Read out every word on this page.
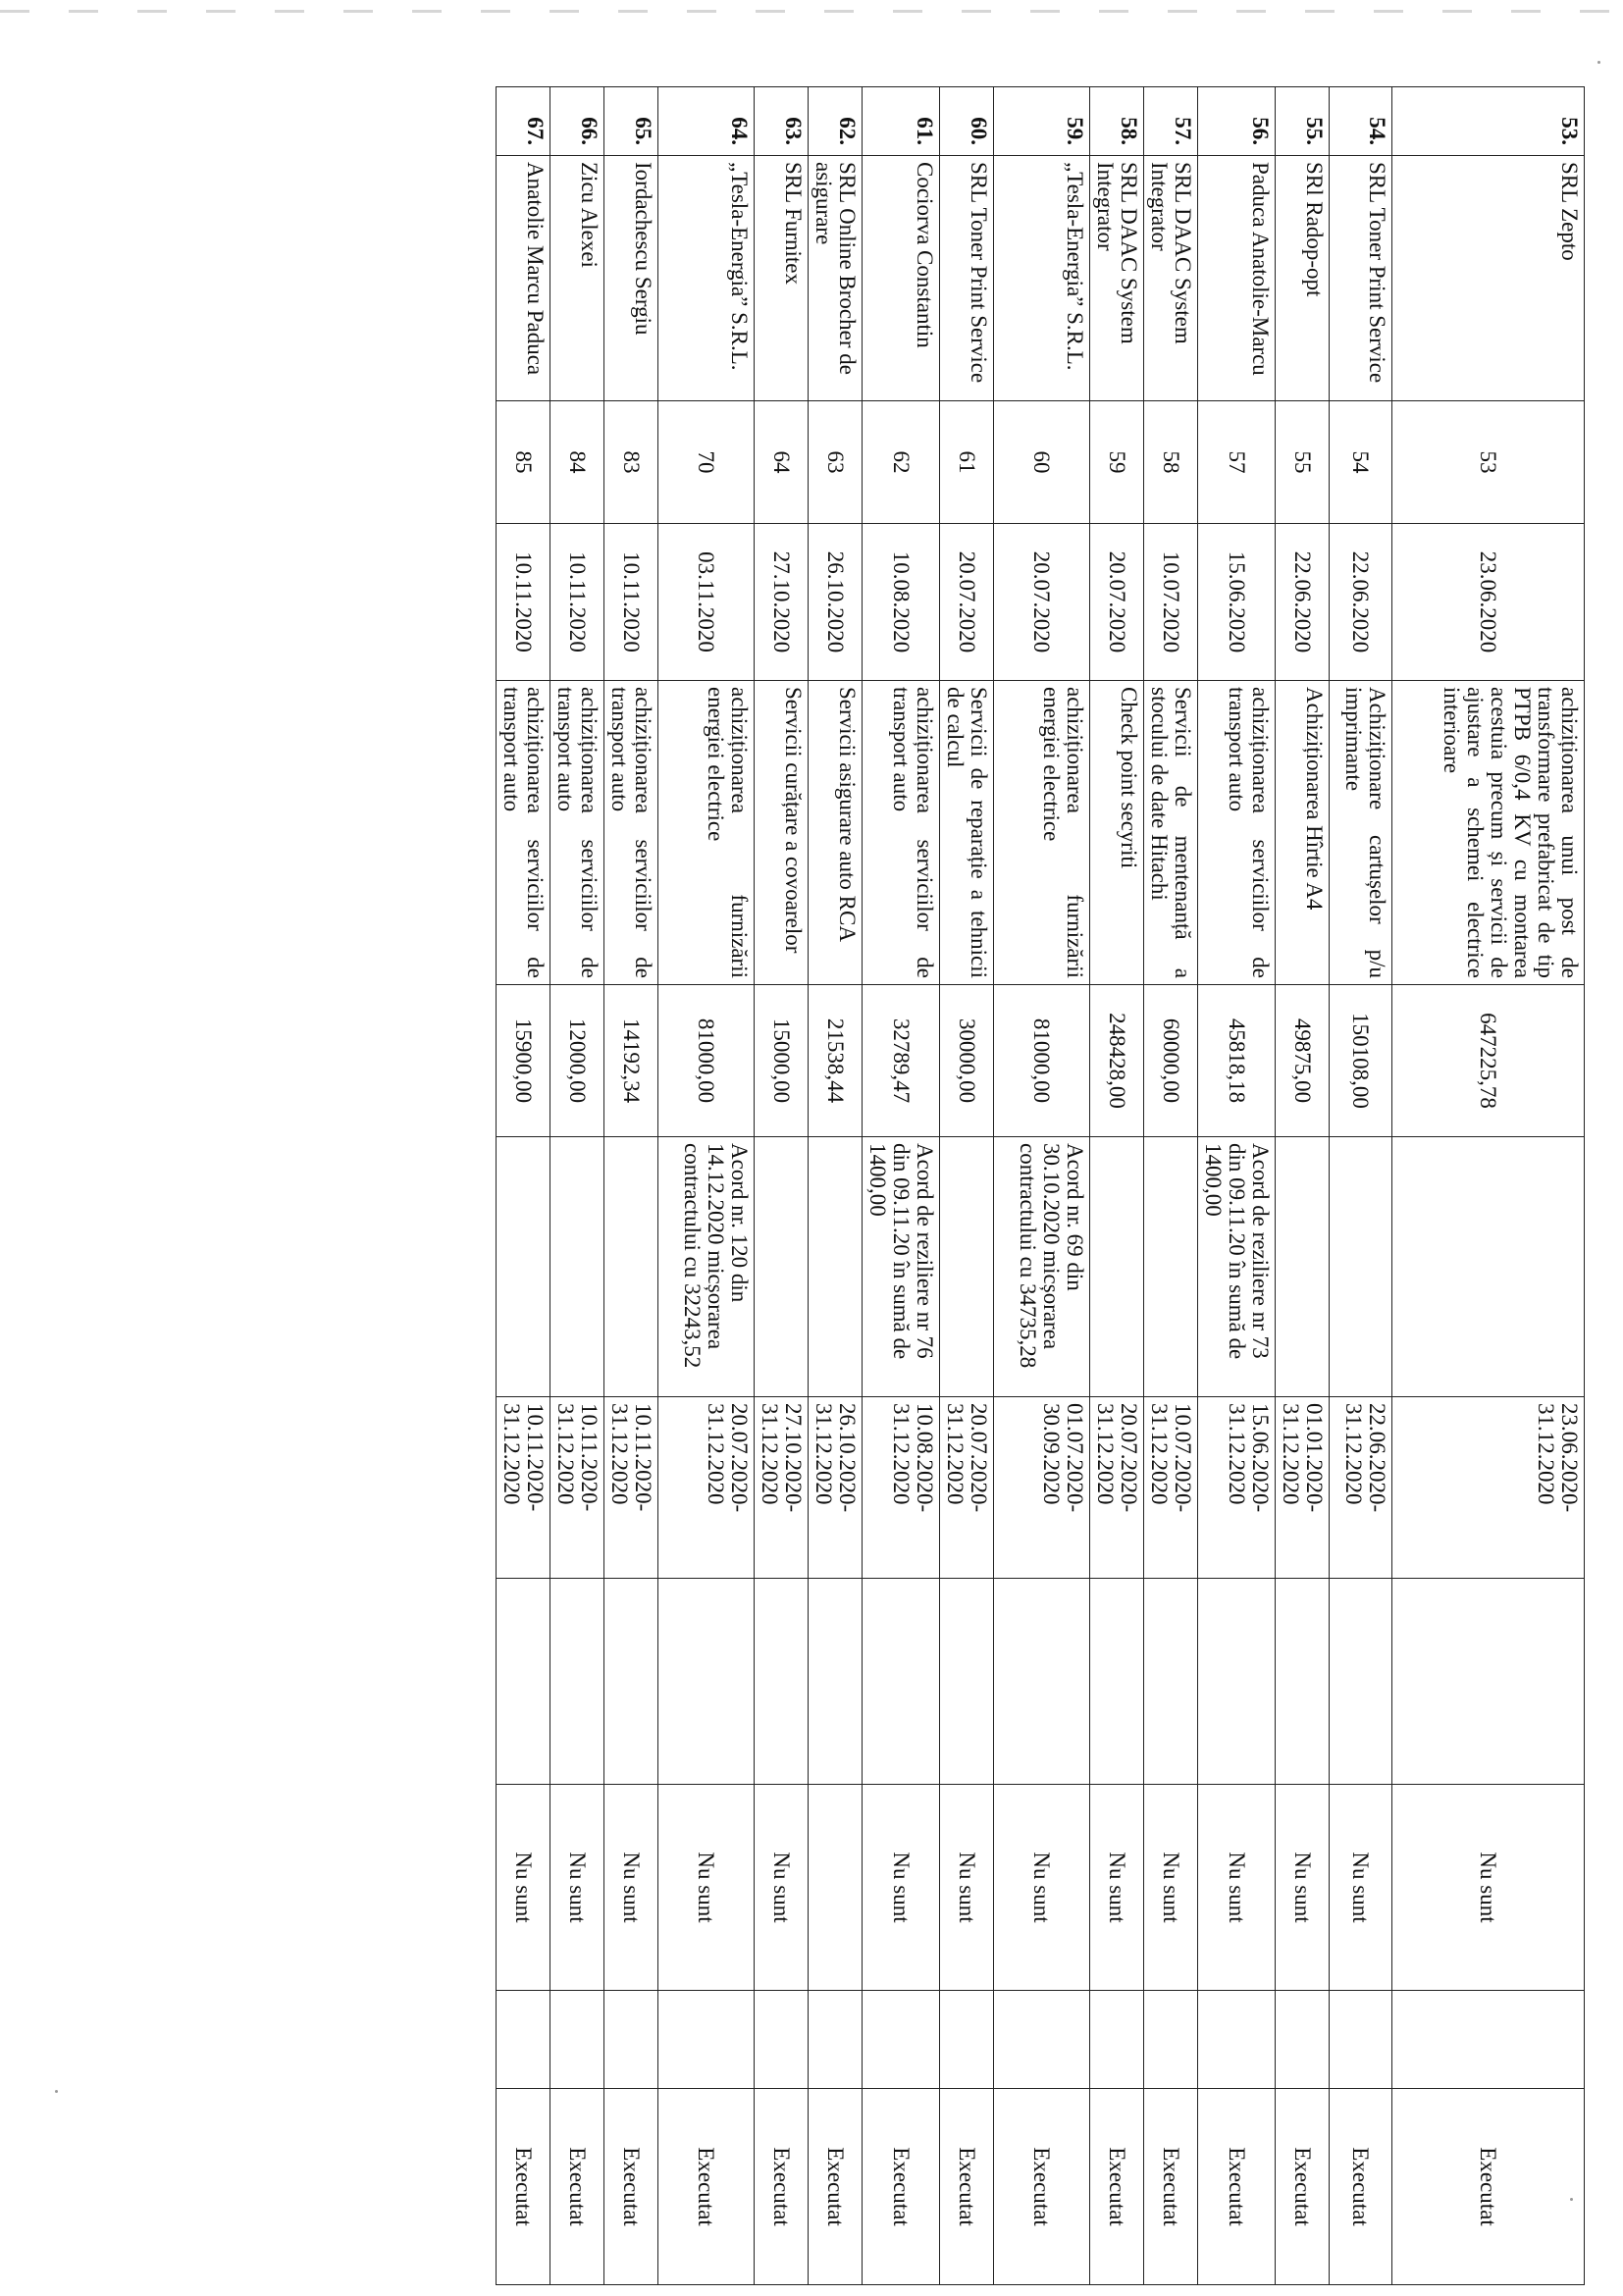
53.	SRL Zepto	53	23.06.2020	achiziționarea unui post de transformare prefabricat de tip PTPB 6/0,4 KV cu montarea acestuia precum și servicii de ajustare a schemei electrice interioare	647225,78		23.06.2020-31.12.2020		Nu sunt		Executat
54.	SRL Toner Print Service	54	22.06.2020	Achiziționare cartușelor p/u imprimante	150108,00		22.06.2020-31.12.2020		Nu sunt		Executat
55.	SRl Radop-opt	55	22.06.2020	Achiziționarea Hîrtie A4	49875,00		01.01.2020-31.12.2020		Nu sunt		Executat
56.	Paduca Anatolie-Marcu	57	15.06.2020	achiziționarea serviciilor de transport auto	45818,18	Acord de reziliere nr 73 din 09.11.20 în sumă de 1400,00	15.06.2020-31.12.2020		Nu sunt		Executat
57.	SRL DAAC System Integrator	58	10.07.2020	Servicii de mentenanță a stocului de date Hitachi	60000,00		10.07.2020-31.12.2020		Nu sunt		Executat
58.	SRL DAAC System Integrator	59	20.07.2020	Check point secyriti	248428,00		20.07.2020-31.12.2020		Nu sunt		Executat
59.	„Tesla-Energia” S.R.L.	60	20.07.2020	achiziționarea furnizării energiei electrice	81000,00	Acord nr. 69 din 30.10.2020 micșorarea contractului cu 34735,28	01.07.2020-30.09.2020		Nu sunt		Executat
60.	SRL Toner Print Service	61	20.07.2020	Servicii de reparație a tehnicii de calcul	30000,00		20.07.2020-31.12.2020		Nu sunt		Executat
61.	Cociorva Constantin	62	10.08.2020	achiziționarea serviciilor de transport auto	32789,47	Acord de reziliere nr 76 din 09.11.20 în sumă de 1400,00	10.08.2020-31.12.2020		Nu sunt		Executat
62.	SRL Online Brocher de asigurare	63	26.10.2020	Servicii asigurare auto RCA	21538,44		26.10.2020-31.12.2020				Executat
63.	SRL Furnitex	64	27.10.2020	Servicii curățare a covoarelor	15000,00		27.10.2020-31.12.2020		Nu sunt		Executat
64.	„Tesla-Energia” S.R.L.	70	03.11.2020	achiziționarea furnizării energiei electrice	81000,00	Acord nr. 120 din 14.12.2020 micșorarea contractului cu 32243,52	20.07.2020-31.12.2020		Nu sunt		Executat
65.	Iordachescu Sergiu	83	10.11.2020	achiziționarea serviciilor de transport auto	14192,34		10.11.2020-31.12.2020		Nu sunt		Executat
66.	Zicu Alexei	84	10.11.2020	achiziționarea serviciilor de transport auto	12000,00		10.11.2020-31.12.2020		Nu sunt		Executat
67.	Anatolie Marcu Paduca	85	10.11.2020	achiziționarea serviciilor de transport auto	15900,00		10.11.2020-31.12.2020		Nu sunt		Executat
